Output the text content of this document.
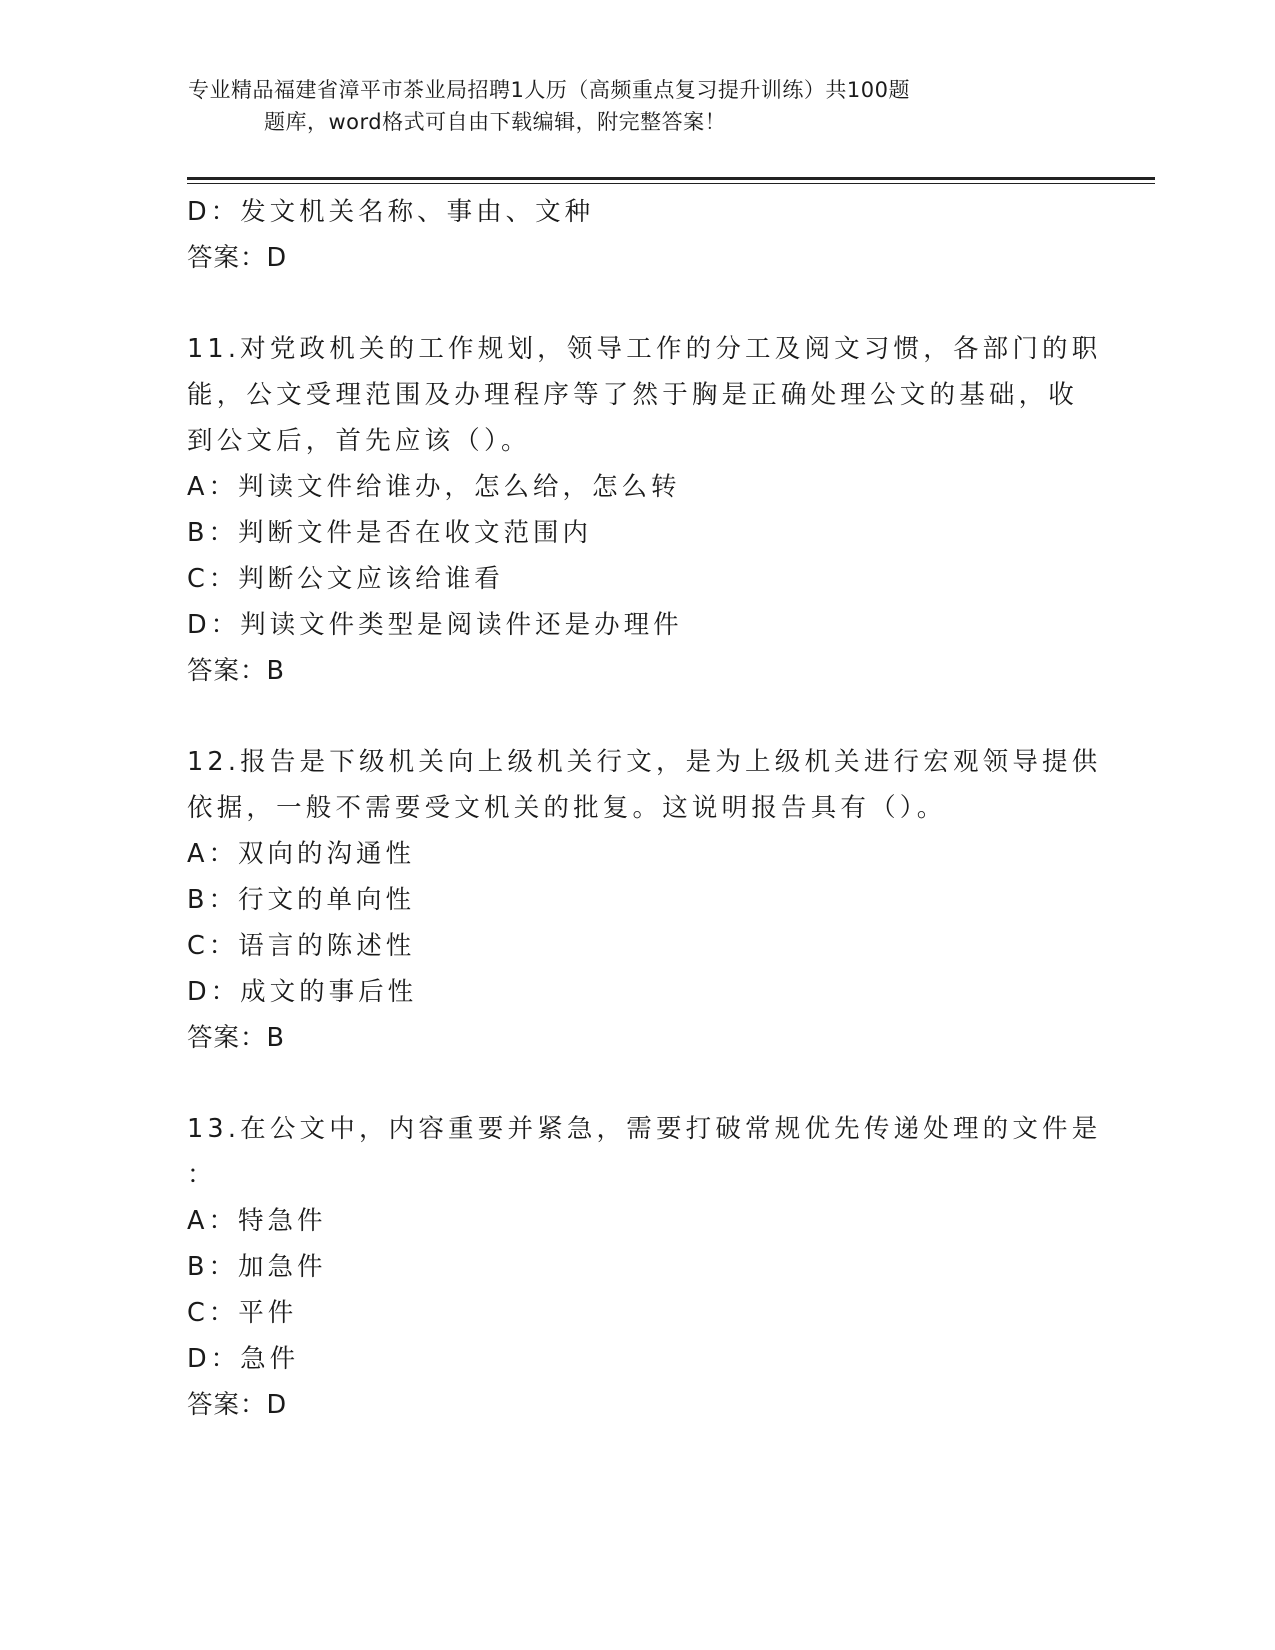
专业精品福建省漳平市茶业局招聘1人历（高频重点复习提升训练）共100题
题库，word格式可自由下载编辑，附完整答案！
D：发文机关名称、事由、文种
答案：D
11.对党政机关的工作规划，领导工作的分工及阅文习惯，各部门的职
能，公文受理范围及办理程序等了然于胸是正确处理公文的基础，收
到公文后，首先应该（）。
A：判读文件给谁办，怎么给，怎么转
B：判断文件是否在收文范围内
C：判断公文应该给谁看
D：判读文件类型是阅读件还是办理件
答案：B
12.报告是下级机关向上级机关行文，是为上级机关进行宏观领导提供
依据，一般不需要受文机关的批复。这说明报告具有（）。
A：双向的沟通性
B：行文的单向性
C：语言的陈述性
D：成文的事后性
答案：B
13.在公文中，内容重要并紧急，需要打破常规优先传递处理的文件是
：
A：特急件
B：加急件
C：平件
D：急件
答案：D
